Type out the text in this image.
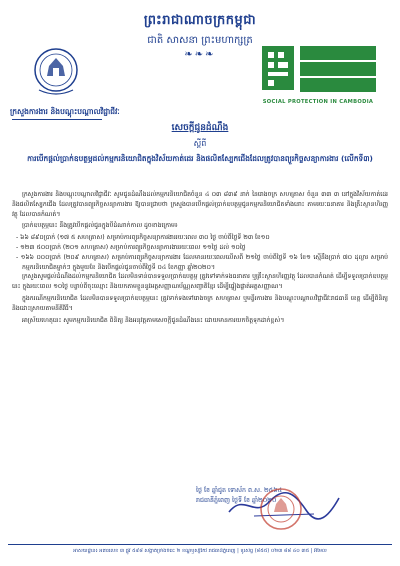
ព្រះរាជាណាចក្រកម្ពុជា
ជាតិ សាសនា ព្រះមហាក្សត្រ
❧❧❧
SOCIAL PROTECTION IN CAMBODIA
ក្រសួងការងារ និងបណ្តុះបណ្តាលវិជ្ជាជីវៈ
សេចក្តីជូនដំណឹង
ស្តីពី
ការបើកផ្តល់ប្រាក់ឧបត្ថម្ភដល់កម្មករនិយោជិតក្នុងវិស័យកាត់ដេរ និងផលិតស្បែកជើងដែលត្រូវបានព្យួរកិច្ចសន្យាការងារ (លើកទី៣)

ក្រសួងការងារ និងបណ្តុះបណ្តាលវិជ្ជាជីវៈ សូមជូនដំណឹងដល់កម្មករនិយោជិតចំនួន ៤ ០៣ ៨៣៩ នាក់ នៃរោងចក្រ សហគ្រាស ចំនួន ៣៣ ៣ នៅក្នុងវិស័យកាត់ដេរ និងផលិតស្បែកជើង ដែលត្រូវបានព្យួរកិច្ចសន្យាការងារ ឱ្យបានជ្រាបថា ក្រសួងបានបើកផ្តល់ប្រាក់ឧបត្ថម្ភជូនកម្មករនិយោជិតទាំងនោះ តាមរយៈធនាគារ និងគ្រឹះស្ថានហិរញ្ញវត្ថុ ដែលបានកំណត់។

ប្រាក់ឧបត្ថម្ភនេះ នឹងត្រូវបើកផ្តល់ជូនក្នុងបីដំណាក់កាល ដូចខាងក្រោម៖

- ៦៦ ៨៩០ប្រាក់ (១៧ ៥ សហគ្រាស) សម្រាប់ការព្យួរកិច្ចសន្យាការងាររយៈពេល ៣០ ថ្ងៃ ចាប់ពីថ្ងៃទី ២៣ ខែ១០
- ១២៣ ៥០០ប្រាក់ (២០១ សហគ្រាស) សម្រាប់ការព្យួរកិច្ចសន្យាការងាររយៈពេល ១១ថ្ងៃ ដល់ ១០ថ្ងៃ
- ១៦៦ ០០០ប្រាក់ (២០៩ សហគ្រាស) សម្រាប់ការព្យួរកិច្ចសន្យាការងារ ដែលមានរយៈពេលលើសពី ២១ថ្ងៃ ចាប់ពីថ្ងៃទី ១៦ ខែ១ ស្មើនឹងប្រាក់ ៧០ ដុល្លារ សម្រាប់កម្មករនិយោជិតម្នាក់ៗ ក្នុងមួយខែ និងបើកផ្តល់ជូនចាប់ពីថ្ងៃទី ០៤ ខែកញ្ញា ឆ្នាំ២០២០។

ក្រសួងសូមផ្តល់ដំណឹងដល់កម្មករនិយោជិត ដែលមិនទាន់បានទទួលប្រាក់ឧបត្ថម្ភ ត្រូវទៅទាក់ទងធនាគារ ឬគ្រឹះស្ថានហិរញ្ញវត្ថុ ដែលបានកំណត់ ដើម្បីទទួលប្រាក់ឧបត្ថម្ភនេះ ក្នុងរយៈពេល ១០ថ្ងៃ បន្ទាប់ពីចុះឈ្មោះ និងយកតាមខ្លួននូវអត្តសញ្ញាណប័ណ្ណសញ្ជាតិខ្មែរ ដើម្បីផ្ទៀងផ្ទាត់អត្តសញ្ញាណ។

ក្នុងករណីកម្មករនិយោជិត ដែលមិនបានទទួលប្រាក់ឧបត្ថម្ភនេះ ត្រូវទាក់ទងទៅរោងចក្រ សហគ្រាស ឬមន្ទីរការងារ និងបណ្តុះបណ្តាលវិជ្ជាជីវៈរាជធានី ខេត្ត ដើម្បីពិនិត្យ និងដោះស្រាយតាមនីតិវិធី។

អាស្រ័យហេតុនេះ សូមកម្មករនិយោជិត ពិនិត្យ និងអនុវត្តតាមសេចក្តីជូនដំណឹងនេះ ដោយមានការយកចិត្តទុកដាក់ខ្ពស់។

ថ្ងៃ ខែ ឆ្នាំជូត ទោស័ក ព.ស. ២៥៦៤
រាជធានីភ្នំពេញ ថ្ងៃទី ខែ ឆ្នាំ២០២០
អាសយដ្ឋាន៖ អគារលេខ ៣ ផ្លូវ ៥៩៨ សង្កាត់ច្រាំងចំរេះ ២ ខណ្ឌឫស្សីកែវ រាជធានីភ្នំពេញ | ទូរស័ព្ទ (៨៥៥) ០២៣ ៨៨ ៤០ ៣៥ | អ៊ីមែល
